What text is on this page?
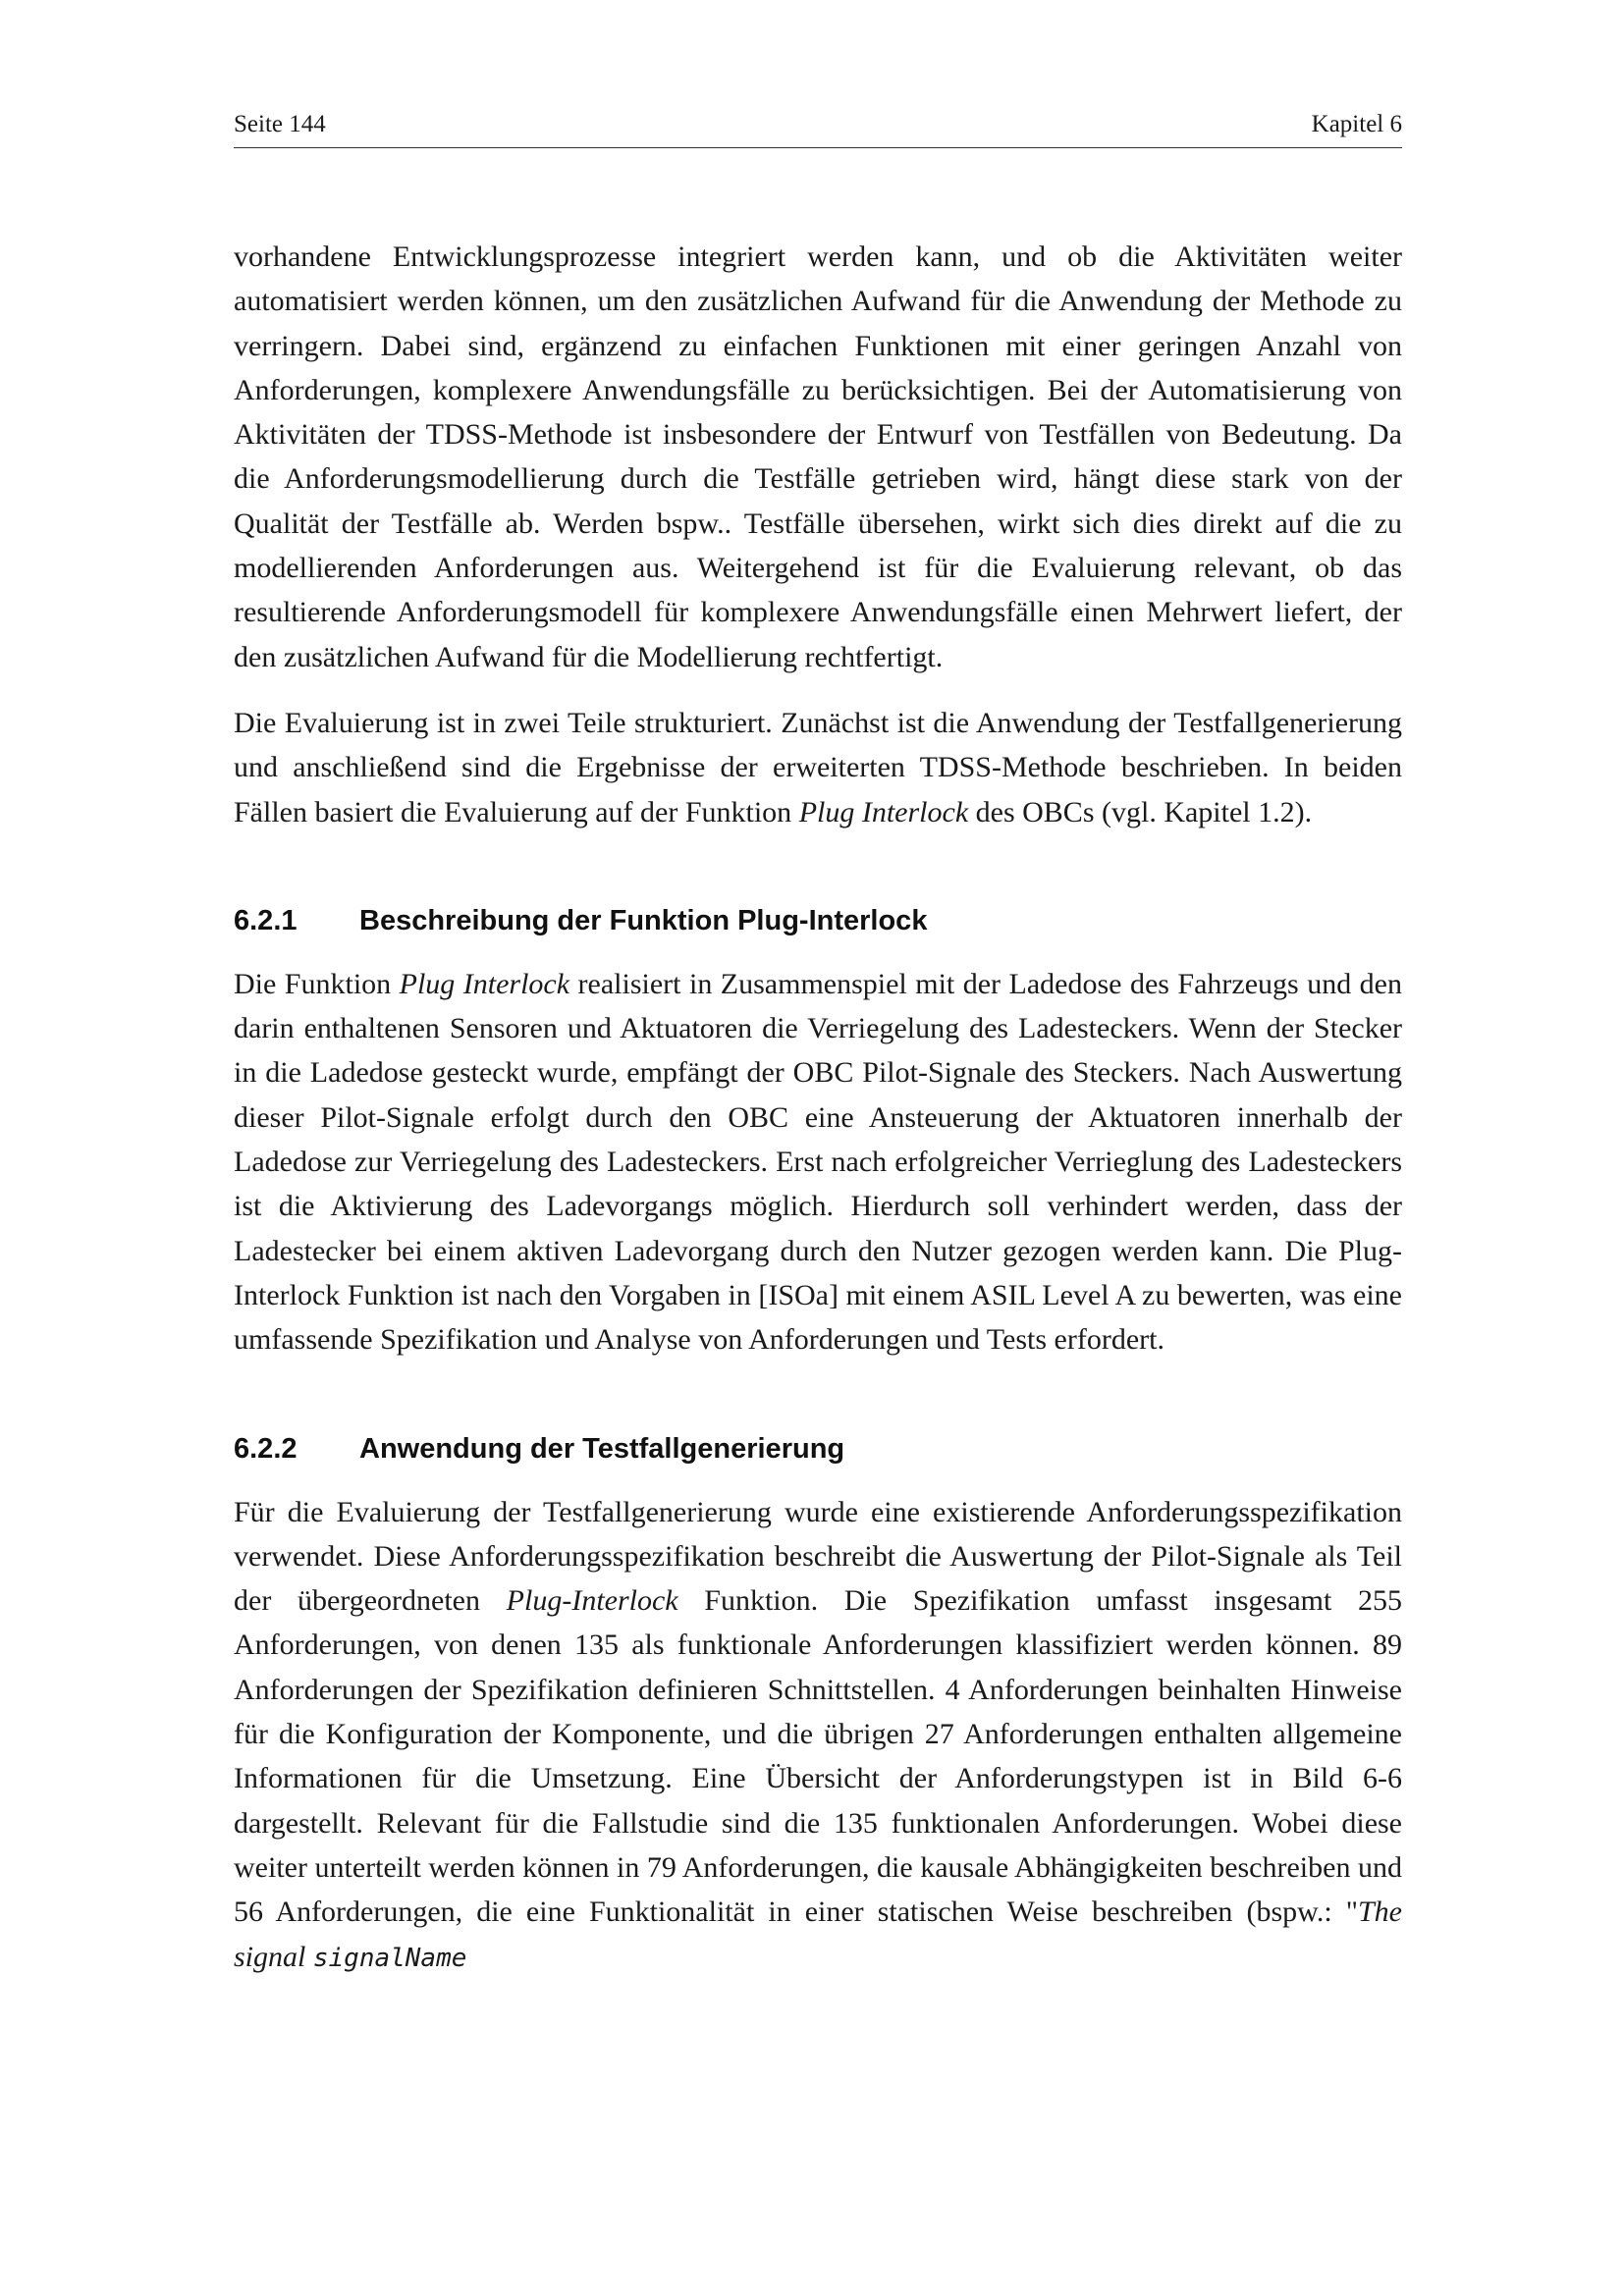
Seite 144	Kapitel 6

vorhandene Entwicklungsprozesse integriert werden kann, und ob die Aktivitäten weiter automatisiert werden können, um den zusätzlichen Aufwand für die Anwendung der Methode zu verringern. Dabei sind, ergänzend zu einfachen Funktionen mit einer geringen Anzahl von Anforderungen, komplexere Anwendungsfälle zu berücksichtigen. Bei der Automatisierung von Aktivitäten der TDSS-Methode ist insbesondere der Entwurf von Testfällen von Bedeutung. Da die Anforderungsmodellierung durch die Testfälle getrieben wird, hängt diese stark von der Qualität der Testfälle ab. Werden bspw.. Testfälle übersehen, wirkt sich dies direkt auf die zu modellierenden Anforderungen aus. Weitergehend ist für die Evaluierung relevant, ob das resultierende Anforderungsmodell für komplexere Anwendungsfälle einen Mehrwert liefert, der den zusätzlichen Aufwand für die Modellierung rechtfertigt.

Die Evaluierung ist in zwei Teile strukturiert. Zunächst ist die Anwendung der Testfallgenerierung und anschließend sind die Ergebnisse der erweiterten TDSS-Methode beschrieben. In beiden Fällen basiert die Evaluierung auf der Funktion Plug Interlock des OBCs (vgl. Kapitel 1.2).

6.2.1 Beschreibung der Funktion Plug-Interlock

Die Funktion Plug Interlock realisiert in Zusammenspiel mit der Ladedose des Fahrzeugs und den darin enthaltenen Sensoren und Aktuatoren die Verriegelung des Ladesteckers. Wenn der Stecker in die Ladedose gesteckt wurde, empfängt der OBC Pilot-Signale des Steckers. Nach Auswertung dieser Pilot-Signale erfolgt durch den OBC eine Ansteuerung der Aktuatoren innerhalb der Ladedose zur Verriegelung des Ladesteckers. Erst nach erfolgreicher Verrieglung des Ladesteckers ist die Aktivierung des Ladevorgangs möglich. Hierdurch soll verhindert werden, dass der Ladestecker bei einem aktiven Ladevorgang durch den Nutzer gezogen werden kann. Die Plug-Interlock Funktion ist nach den Vorgaben in [ISOa] mit einem ASIL Level A zu bewerten, was eine umfassende Spezifikation und Analyse von Anforderungen und Tests erfordert.

6.2.2 Anwendung der Testfallgenerierung

Für die Evaluierung der Testfallgenerierung wurde eine existierende Anforderungsspezifikation verwendet. Diese Anforderungsspezifikation beschreibt die Auswertung der Pilot-Signale als Teil der übergeordneten Plug-Interlock Funktion. Die Spezifikation umfasst insgesamt 255 Anforderungen, von denen 135 als funktionale Anforderungen klassifiziert werden können. 89 Anforderungen der Spezifikation definieren Schnittstellen. 4 Anforderungen beinhalten Hinweise für die Konfiguration der Komponente, und die übrigen 27 Anforderungen enthalten allgemeine Informationen für die Umsetzung. Eine Übersicht der Anforderungstypen ist in Bild 6-6 dargestellt. Relevant für die Fallstudie sind die 135 funktionalen Anforderungen. Wobei diese weiter unterteilt werden können in 79 Anforderungen, die kausale Abhängigkeiten beschreiben und 56 Anforderungen, die eine Funktionalität in einer statischen Weise beschreiben (bspw.: "The signal signalName
